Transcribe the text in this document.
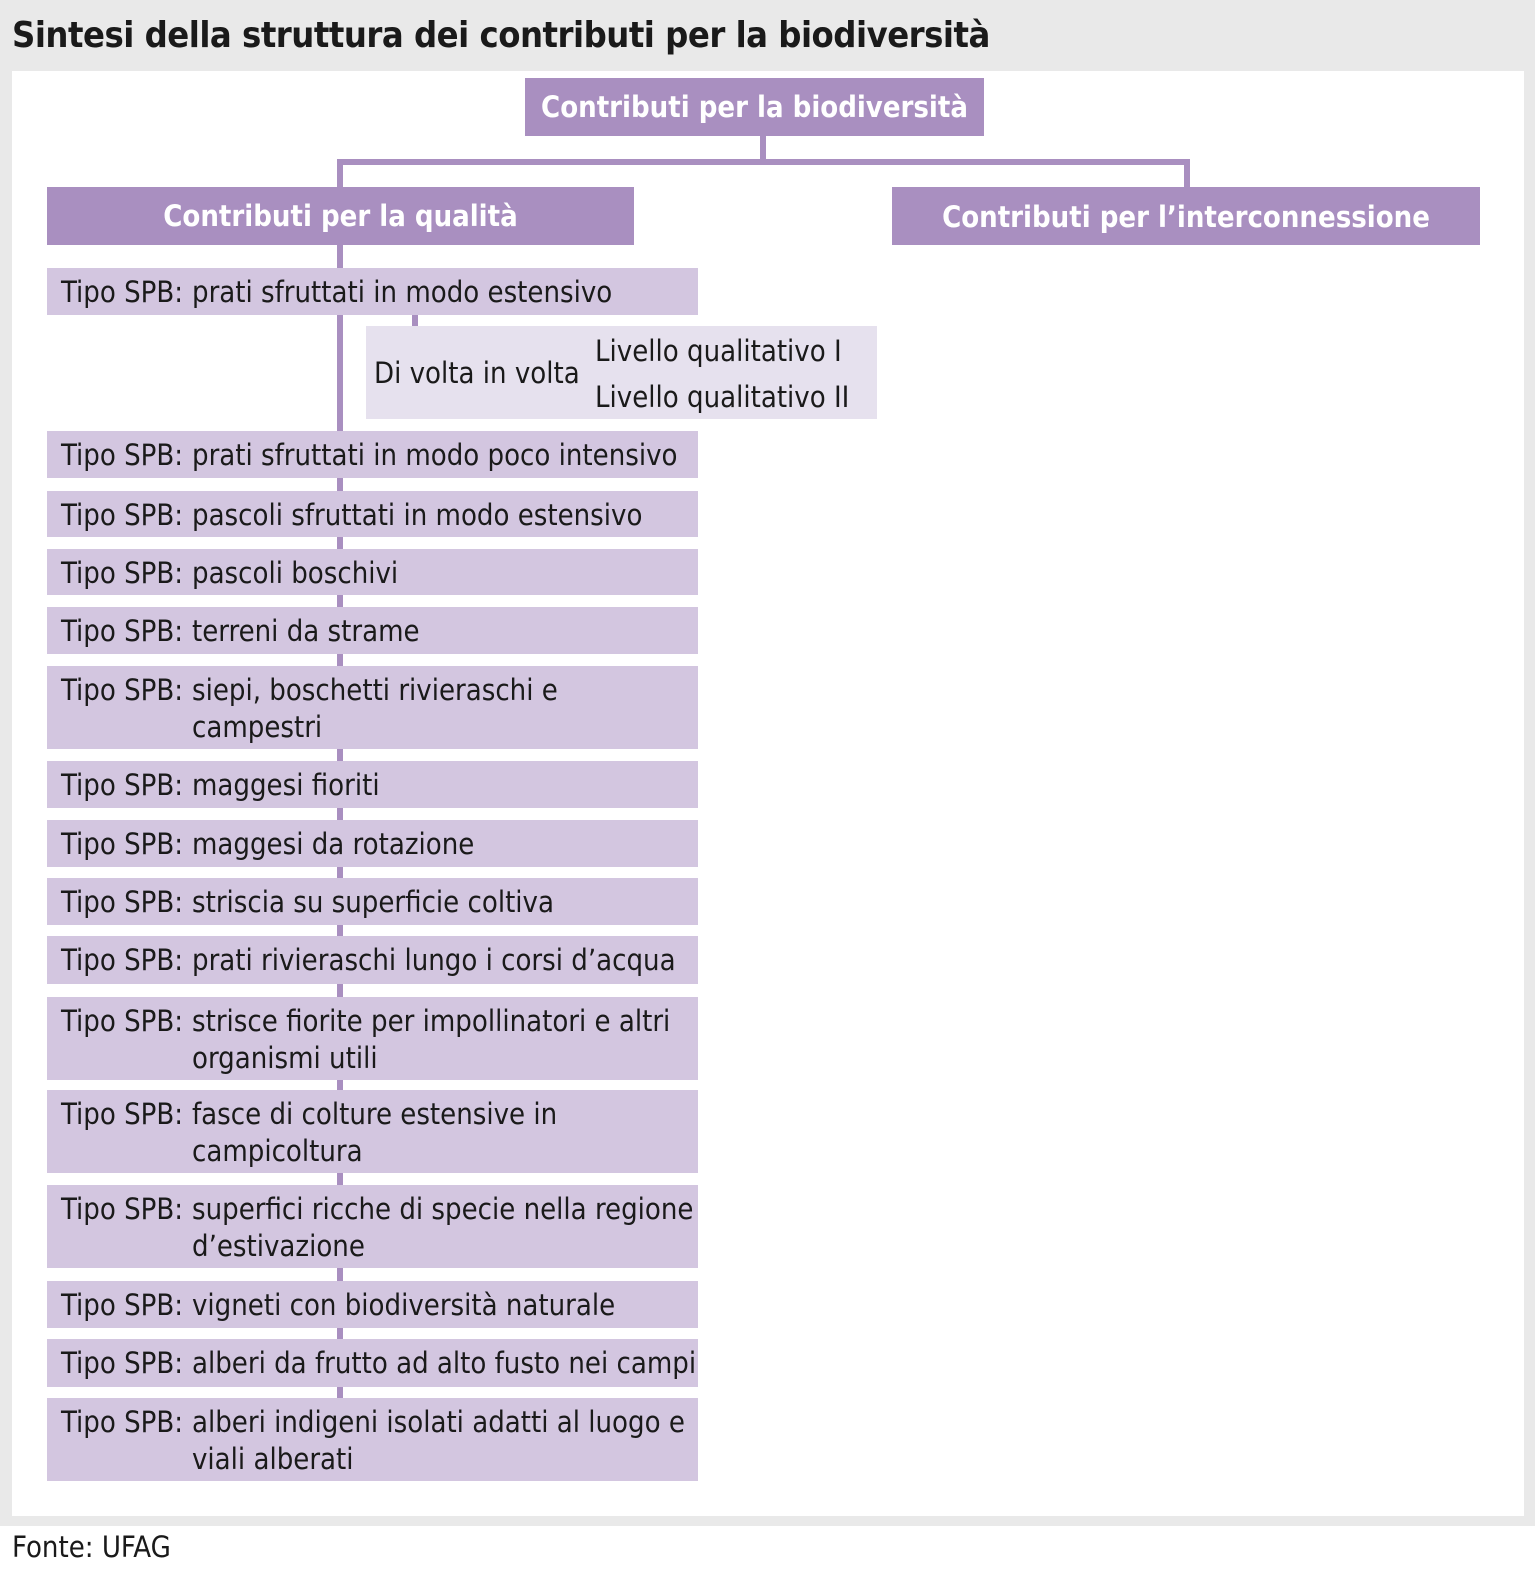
Sintesi della struttura dei contributi per la biodiversità
Contributi per la biodiversità
Contributi per la qualità	Contributi per l’interconnessione
Tipo SPB: prati sfruttati in modo estensivo
Di volta in volta
Livello qualitativo I
Livello qualitativo II
Tipo SPB: prati sfruttati in modo poco intensivo
Tipo SPB: pascoli sfruttati in modo estensivo
Tipo SPB: pascoli boschivi
Tipo SPB: terreni da strame
Tipo SPB: siepi, boschetti rivieraschi e campestri
Tipo SPB: maggesi fioriti
Tipo SPB: maggesi da rotazione
Tipo SPB: striscia su superficie coltiva
Tipo SPB: prati rivieraschi lungo i corsi d’acqua
Tipo SPB: strisce fiorite per impollinatori e altri organismi utili
Tipo SPB: fasce di colture estensive in campicoltura
Tipo SPB: superfici ricche di specie nella regione d’estivazione
Tipo SPB: vigneti con biodiversità naturale
Tipo SPB: alberi da frutto ad alto fusto nei campi
Tipo SPB: alberi indigeni isolati adatti al luogo e viali alberati
Fonte: UFAG
